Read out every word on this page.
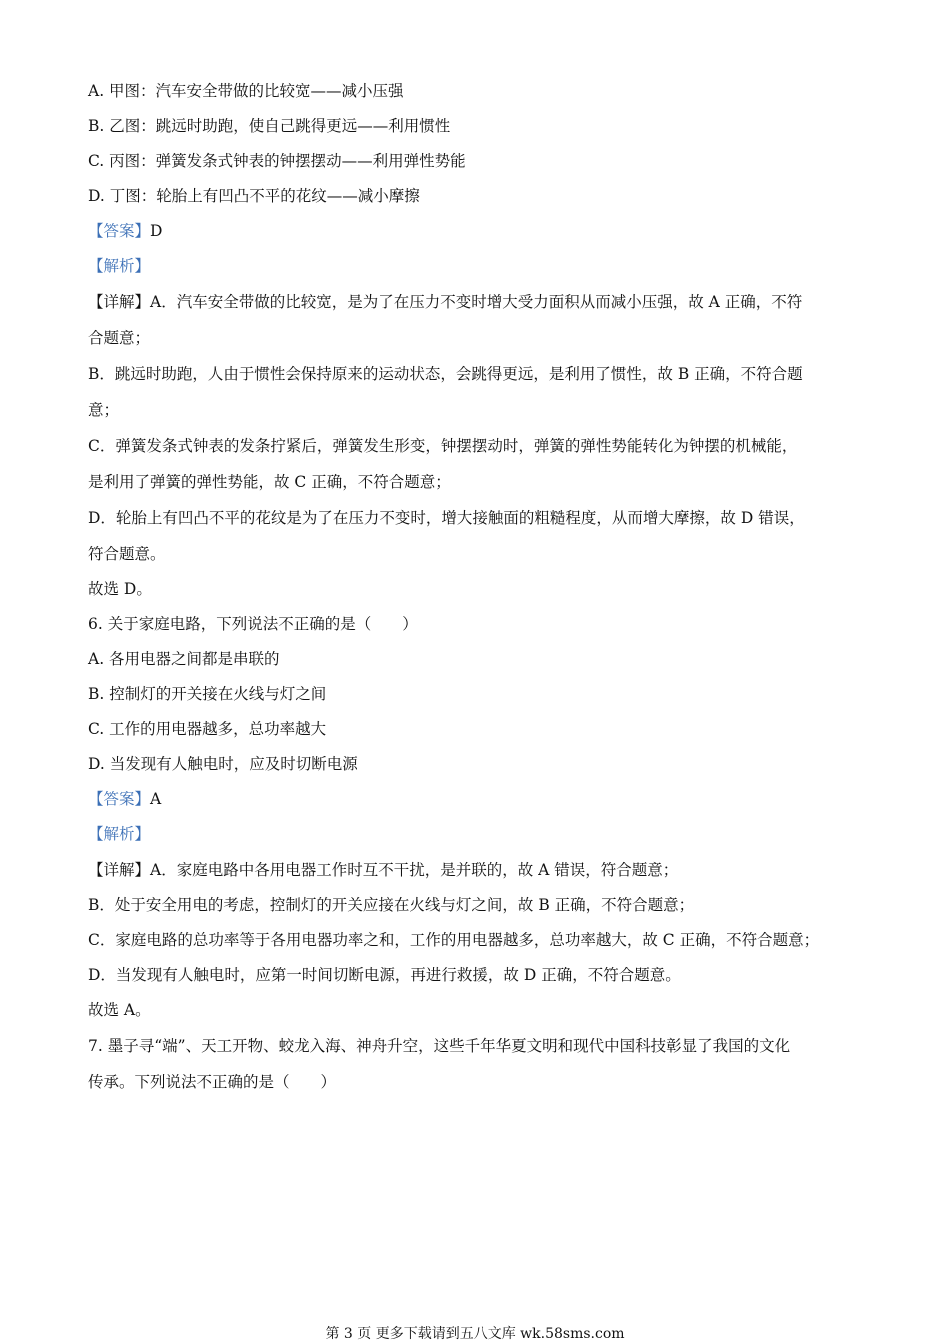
A. 甲图：汽车安全带做的比较宽——减小压强
B. 乙图：跳远时助跑，使自己跳得更远——利用惯性
C. 丙图：弹簧发条式钟表的钟摆摆动——利用弹性势能
D. 丁图：轮胎上有凹凸不平的花纹——减小摩擦
【答案】D
【解析】
【详解】A．汽车安全带做的比较宽，是为了在压力不变时增大受力面积从而减小压强，故 A 正确，不符
合题意；
B．跳远时助跑，人由于惯性会保持原来的运动状态，会跳得更远，是利用了惯性，故 B 正确，不符合题
意；
C．弹簧发条式钟表的发条拧紧后，弹簧发生形变，钟摆摆动时，弹簧的弹性势能转化为钟摆的机械能，
是利用了弹簧的弹性势能，故 C 正确，不符合题意；
D．轮胎上有凹凸不平的花纹是为了在压力不变时，增大接触面的粗糙程度，从而增大摩擦，故 D 错误，
符合题意。
故选 D。
6. 关于家庭电路，下列说法不正确的是（　　）
A. 各用电器之间都是串联的
B. 控制灯的开关接在火线与灯之间
C. 工作的用电器越多，总功率越大
D. 当发现有人触电时，应及时切断电源
【答案】A
【解析】
【详解】A．家庭电路中各用电器工作时互不干扰，是并联的，故 A 错误，符合题意；
B．处于安全用电的考虑，控制灯的开关应接在火线与灯之间，故 B 正确，不符合题意；
C．家庭电路的总功率等于各用电器功率之和，工作的用电器越多，总功率越大，故 C 正确，不符合题意；
D．当发现有人触电时，应第一时间切断电源，再进行救援，故 D 正确，不符合题意。
故选 A。
7. 墨子寻“端”、天工开物、蛟龙入海、神舟升空，这些千年华夏文明和现代中国科技彰显了我国的文化
传承。下列说法不正确的是（　　）
第 3 页 更多下载请到五八文库 wk.58sms.com
